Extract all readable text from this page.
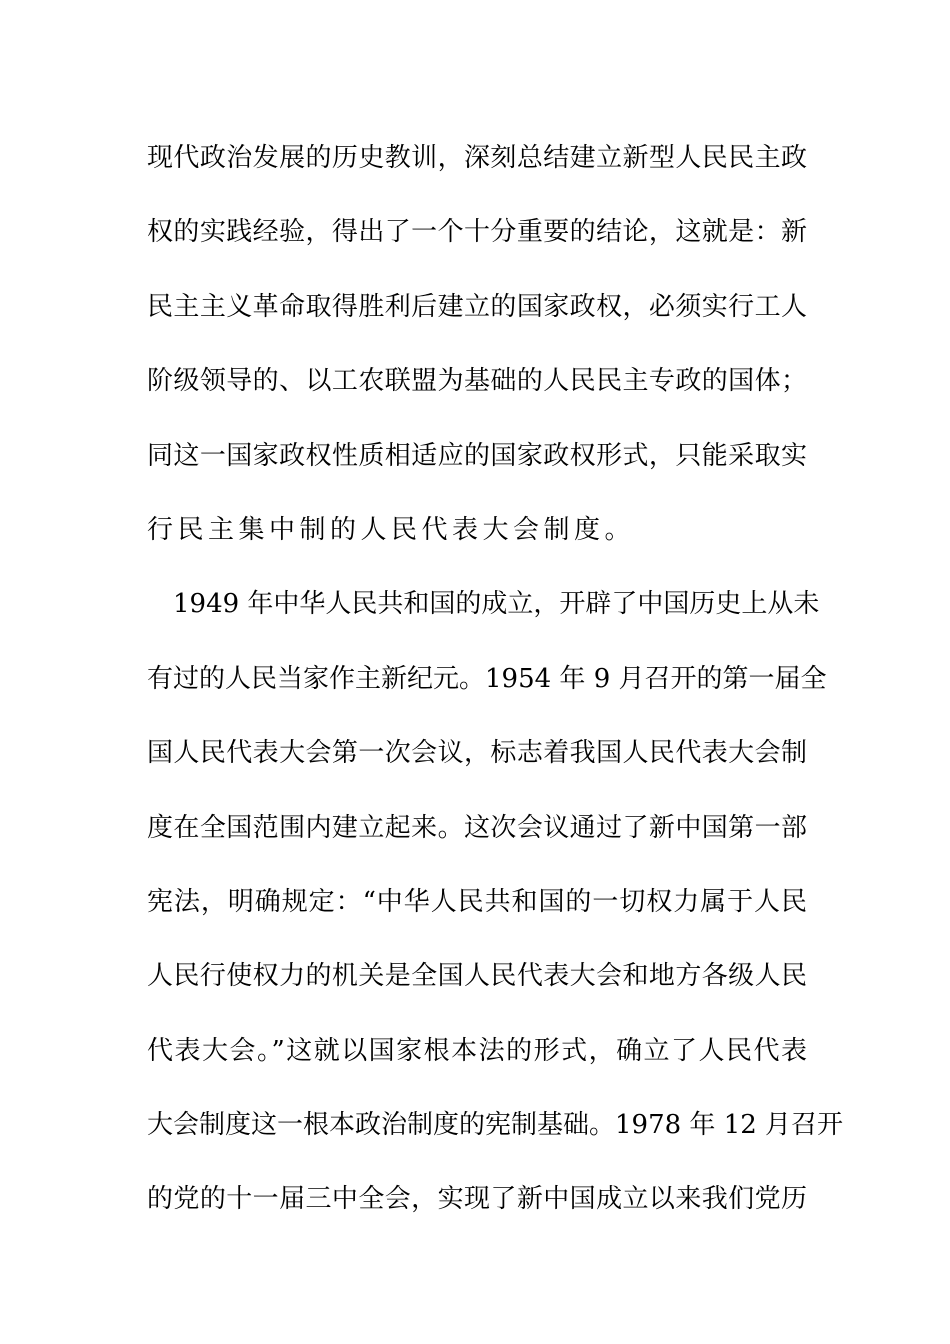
现代政治发展的历史教训，深刻总结建立新型人民民主政
权的实践经验，得出了一个十分重要的结论，这就是：新
民主主义革命取得胜利后建立的国家政权，必须实行工人
阶级领导的、以工农联盟为基础的人民民主专政的国体；
同这一国家政权性质相适应的国家政权形式，只能采取实
行民主集中制的人民代表大会制度。
　1949 年中华人民共和国的成立，开辟了中国历史上从未
有过的人民当家作主新纪元。1954 年 9 月召开的第一届全
国人民代表大会第一次会议，标志着我国人民代表大会制
度在全国范围内建立起来。这次会议通过了新中国第一部
宪法，明确规定：“中华人民共和国的一切权力属于人民
人民行使权力的机关是全国人民代表大会和地方各级人民
代表大会。”这就以国家根本法的形式，确立了人民代表
大会制度这一根本政治制度的宪制基础。1978 年 12 月召开
的党的十一届三中全会，实现了新中国成立以来我们党历
